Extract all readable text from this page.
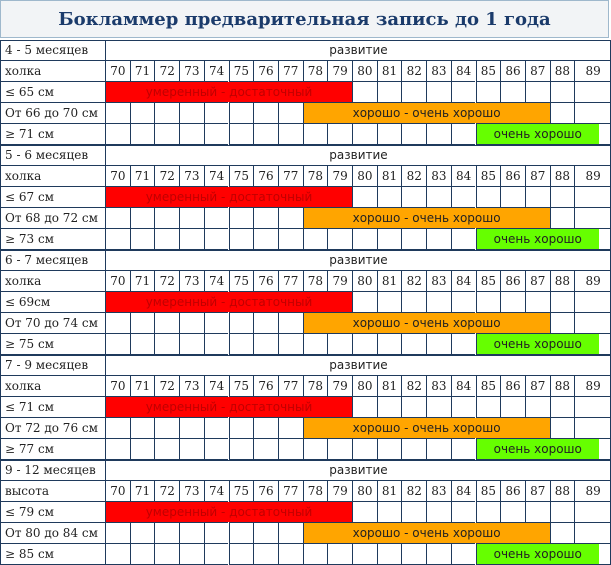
Бокламмер предварительная запись до 1 года
4 - 5 месяцев	развитие
холка	70 71 72 73 74 75 76 77 78 79 80 81 82 83 84 85 86 87 88	89
≤ 65 см	умеренный - достаточный
От 66 до 70 см	хорошо - очень хорошо
≥ 71 см	очень хорошо
5 - 6 месяцев	развитие
холка	70 71 72 73 74 75 76 77 78 79 80 81 82 83 84 85 86 87 88	89
≤ 67 см	умеренный - достаточный
От 68 до 72 см	хорошо - очень хорошо
≥ 73 см	очень хорошо
6 - 7 месяцев	развитие
холка	70 71 72 73 74 75 76 77 78 79 80 81 82 83 84 85 86 87 88	89
≤ 69см	умеренный - достаточный
От 70 до 74 см	хорошо - очень хорошо
≥ 75 см	очень хорошо
7 - 9 месяцев	развитие
холка	70 71 72 73 74 75 76 77 78 79 80 81 82 83 84 85 86 87 88	89
≤ 71 см	умеренный - достаточный
От 72 до 76 см	хорошо - очень хорошо
≥ 77 см	очень хорошо
9 - 12 месяцев	развитие
высота	70 71 72 73 74 75 76 77 78 79 80 81 82 83 84 85 86 87 88	89
≤ 79 см	умеренный - достаточный
От 80 до 84 см	хорошо - очень хорошо
≥ 85 см	очень хорошо
